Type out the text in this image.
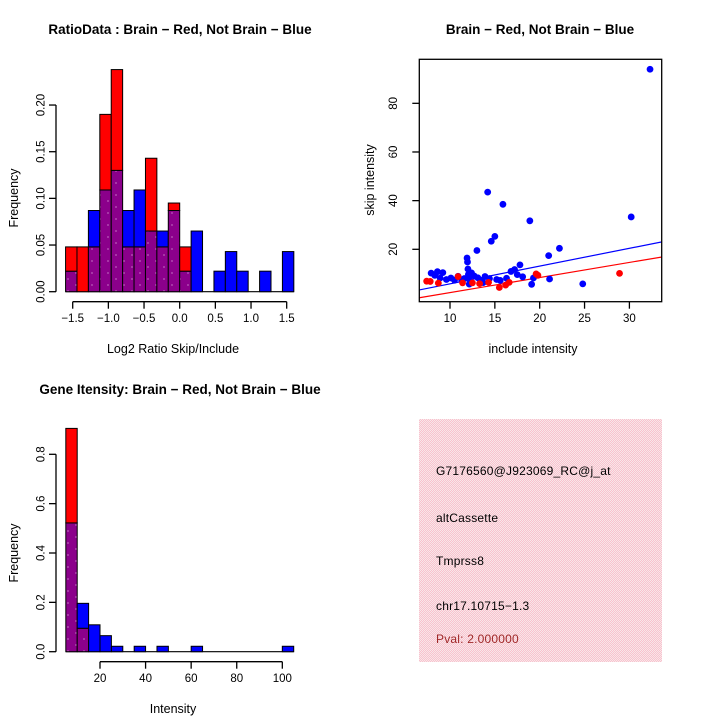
RatioData : Brain − Red, Not Brain − Blue
Frequency
Log2 Ratio Skip/Include
−1.5 −1.0 −0.5 0.0 0.5 1.0 1.5
0.00
0.05
0.10
0.15
0.20
Brain − Red, Not Brain − Blue
skip intensity
include intensity
10	15	20	25	30
20
40
60
80
Gene Itensity: Brain − Red, Not Brain − Blue
Frequency
Intensity
20	40	60	80	100
0.0
0.2
0.4
0.6
0.8
G7176560@J923069_RC@j_at
altCassette
Tmprss8
chr17.10715−1.3
Pval: 2.000000
